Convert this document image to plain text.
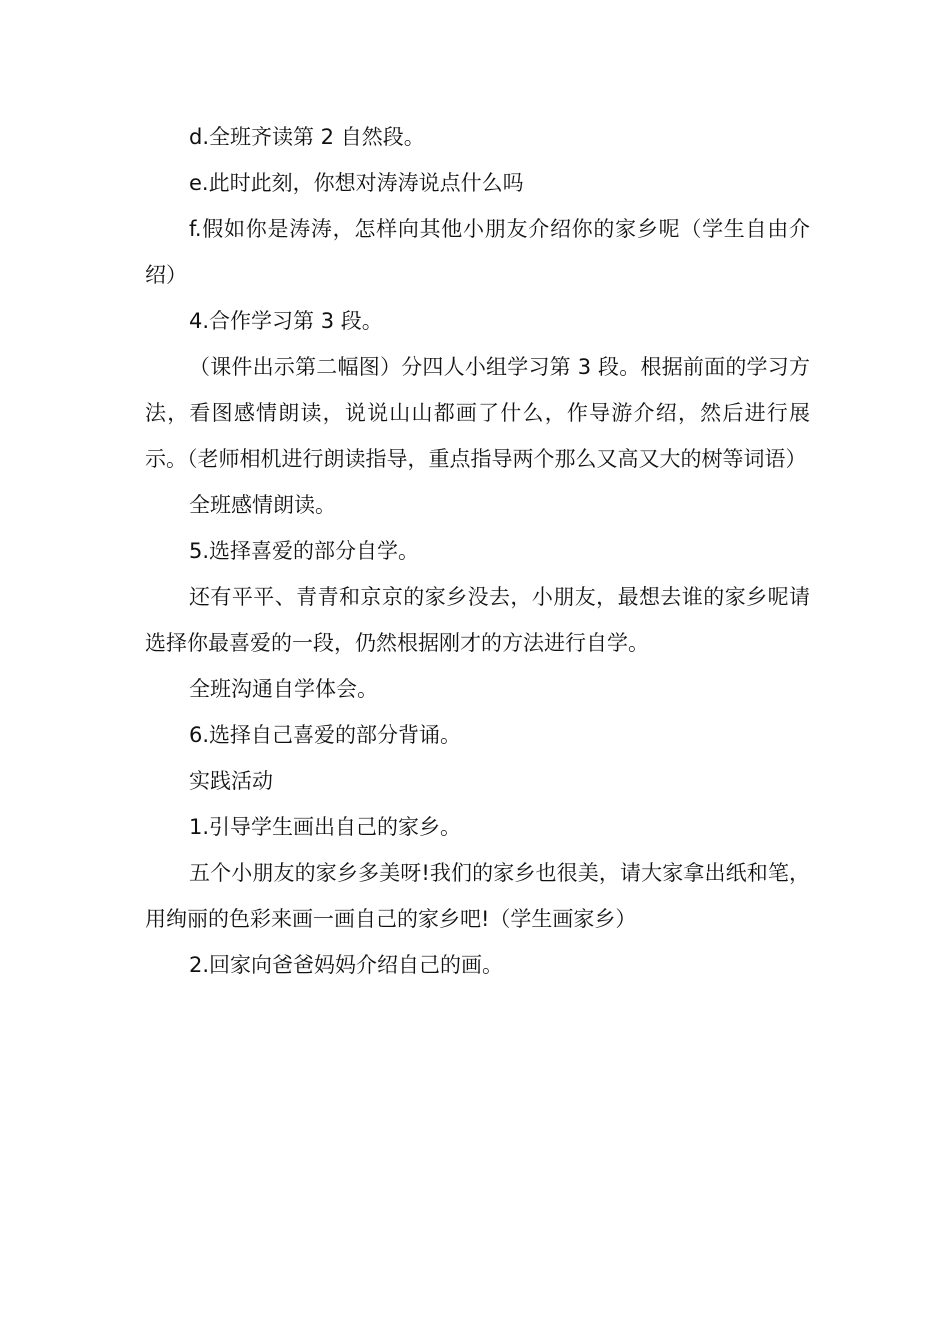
d.全班齐读第 2 自然段。

e.此时此刻，你想对涛涛说点什么吗

f.假如你是涛涛，怎样向其他小朋友介绍你的家乡呢（学生自由介绍）

4.合作学习第 3 段。

（课件出示第二幅图）分四人小组学习第 3 段。根据前面的学习方法，看图感情朗读，说说山山都画了什么，作导游介绍，然后进行展示。（老师相机进行朗读指导，重点指导两个那么又高又大的树等词语）

全班感情朗读。

5.选择喜爱的部分自学。

还有平平、青青和京京的家乡没去，小朋友，最想去谁的家乡呢请选择你最喜爱的一段，仍然根据刚才的方法进行自学。

全班沟通自学体会。

6.选择自己喜爱的部分背诵。

实践活动

1.引导学生画出自己的家乡。

五个小朋友的家乡多美呀!我们的家乡也很美，请大家拿出纸和笔，用绚丽的色彩来画一画自己的家乡吧!（学生画家乡）

2.回家向爸爸妈妈介绍自己的画。
